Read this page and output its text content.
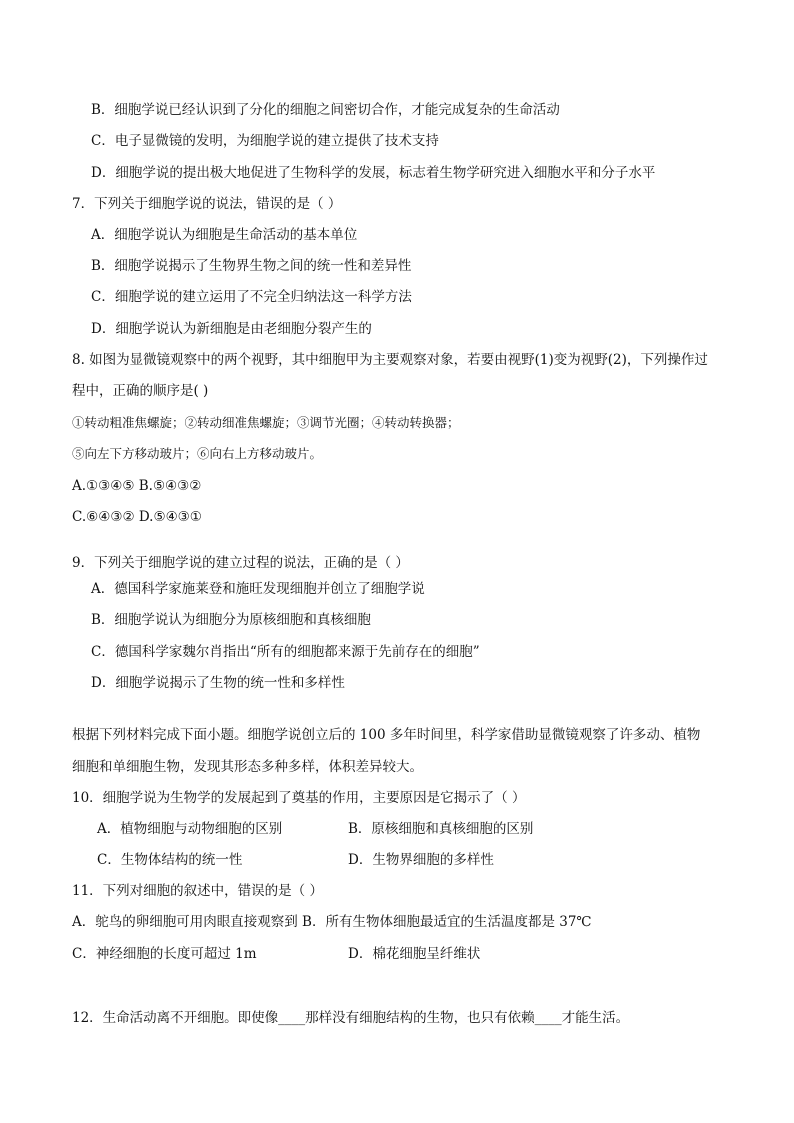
B．细胞学说已经认识到了分化的细胞之间密切合作，才能完成复杂的生命活动
C．电子显微镜的发明，为细胞学说的建立提供了技术支持
D．细胞学说的提出极大地促进了生物科学的发展，标志着生物学研究进入细胞水平和分子水平
7．下列关于细胞学说的说法，错误的是（ ）
A．细胞学说认为细胞是生命活动的基本单位
B．细胞学说揭示了生物界生物之间的统一性和差异性
C．细胞学说的建立运用了不完全归纳法这一科学方法
D．细胞学说认为新细胞是由老细胞分裂产生的
8. 如图为显微镜观察中的两个视野，其中细胞甲为主要观察对象，若要由视野(1)变为视野(2)，下列操作过
程中，正确的顺序是( )
①转动粗准焦螺旋；②转动细准焦螺旋；③调节光圈；④转动转换器；
⑤向左下方移动玻片；⑥向右上方移动玻片。
A.①③④⑤ B.⑤④③②
C.⑥④③② D.⑤④③①
9．下列关于细胞学说的建立过程的说法，正确的是（ ）
A．德国科学家施莱登和施旺发现细胞并创立了细胞学说
B．细胞学说认为细胞分为原核细胞和真核细胞
C．德国科学家魏尔肖指出“所有的细胞都来源于先前存在的细胞”
D．细胞学说揭示了生物的统一性和多样性
根据下列材料完成下面小题。细胞学说创立后的 100 多年时间里，科学家借助显微镜观察了许多动、植物
细胞和单细胞生物，发现其形态多种多样，体积差异较大。
10．细胞学说为生物学的发展起到了奠基的作用，主要原因是它揭示了（ ）
A．植物细胞与动物细胞的区别	B．原核细胞和真核细胞的区别
C．生物体结构的统一性	D．生物界细胞的多样性
11．下列对细胞的叙述中，错误的是（ ）
A．鸵鸟的卵细胞可用肉眼直接观察到 B．所有生物体细胞最适宜的生活温度都是 37℃
C．神经细胞的长度可超过 1m	D．棉花细胞呈纤维状
12．生命活动离不开细胞。即使像____那样没有细胞结构的生物，也只有依赖____才能生活。
